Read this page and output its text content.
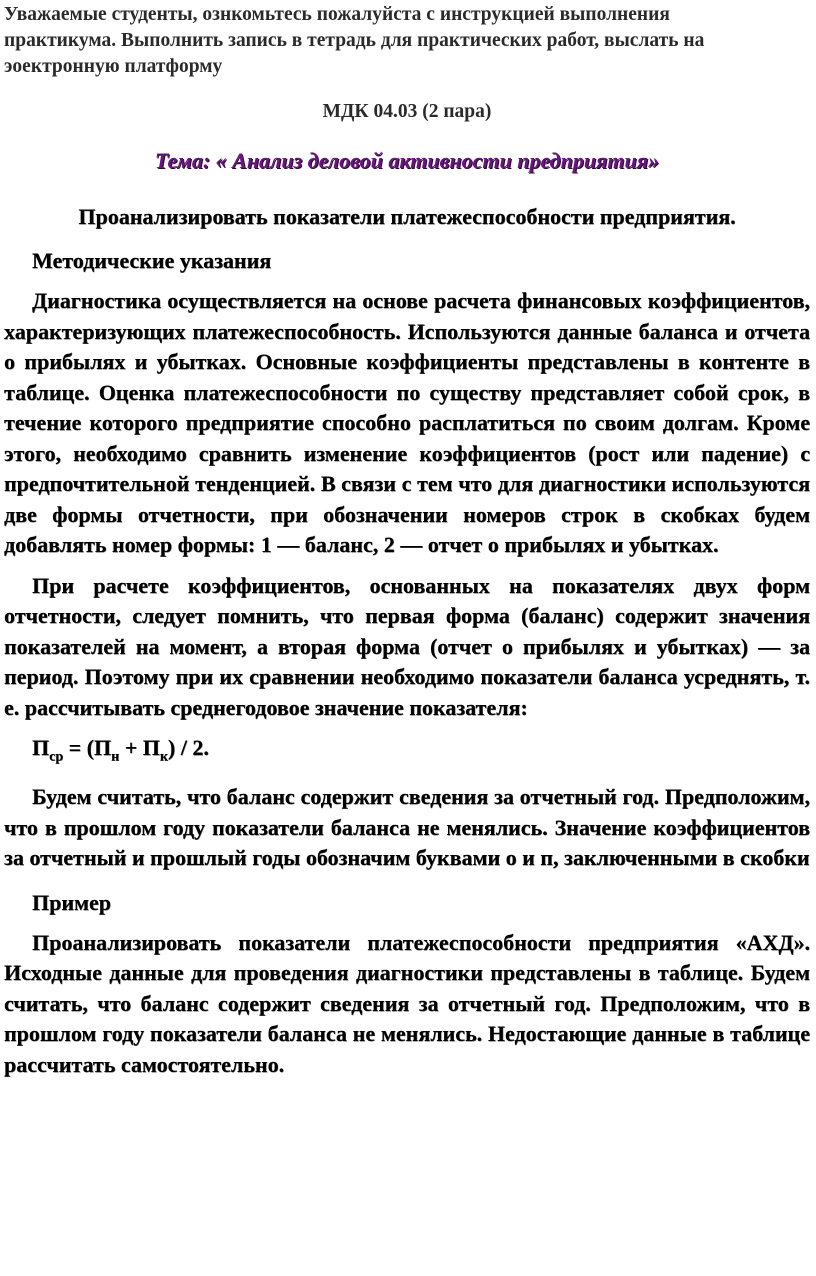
Уважаемые студенты, ознкомьтесь пожалуйста с инструкцией выполнения
практикума. Выполнить запись в тетрадь для практических работ, выслать на
эоектронную платформу

МДК 04.03 (2 пара)

Тема: « Анализ деловой активности предприятия»

Проанализировать показатели платежеспособности предприятия.

Методические указания

Диагностика осуществляется на основе расчета финансовых коэффициентов, характеризующих платежеспособность. Используются данные баланса и отчета о прибылях и убытках. Основные коэффициенты представлены в контенте в таблице. Оценка платежеспособности по существу представляет собой срок, в течение которого предприятие способно расплатиться по своим долгам. Кроме этого, необходимо сравнить изменение коэффициентов (рост или падение) с предпочтительной тенденцией. В связи с тем что для диагностики используются две формы отчетности, при обозначении номеров строк в скобках будем добавлять номер формы: 1 — баланс, 2 — отчет о прибылях и убытках.

При расчете коэффициентов, основанных на показателях двух форм отчетности, следует помнить, что первая форма (баланс) содержит значения показателей на момент, а вторая форма (отчет о прибылях и убытках) — за период. Поэтому при их сравнении необходимо показатели баланса усреднять, т. е. рассчитывать среднегодовое значение показателя:

$П_{ср} = (П_н + П_к) / 2$.

Будем считать, что баланс содержит сведения за отчетный год. Предположим, что в прошлом году показатели баланса не менялись. Значение коэффициентов за отчетный и прошлый годы обозначим буквами о и п, заключенными в скобки

Пример

Проанализировать показатели платежеспособности предприятия «АХД». Исходные данные для проведения диагностики представлены в таблице. Будем считать, что баланс содержит сведения за отчетный год. Предположим, что в прошлом году показатели баланса не менялись. Недостающие данные в таблице рассчитать самостоятельно.
